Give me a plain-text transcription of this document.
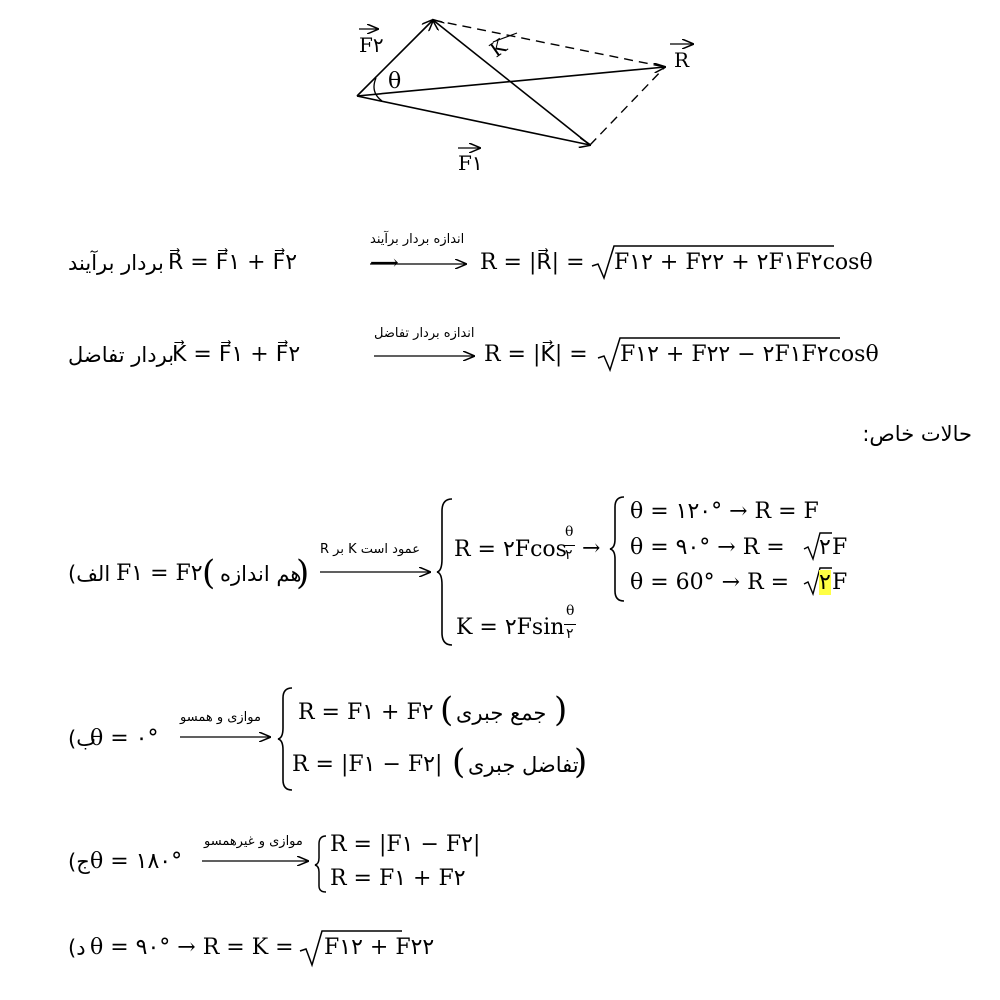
F۲
θ
F۱
R
K
بردار برآیند R⃗ = F⃗۱ + F⃗۲
اندازه بردار برآیند
⟶	R = |R⃗| = F۱۲ + F۲۲ + ۲F۱F۲cosθ
بردار تفاضل
K⃗ = F⃗۱ + F⃗۲
اندازه بردار تفاضل
R = |K⃗| = F۱۲ + F۲۲ − ۲F۱F۲cosθ
حالات خاص:
الف) F۱ = F۲ ( هم اندازه
)
R بر K عمود است R = ۲Fcos
θ
۲ →
K = ۲Fsin
θ
۲
θ = ۱۲۰° → R = F
θ = ۹۰° → R = ۲ F
θ = 60° → R = ۲ F
ب)
θ = ۰°
موازی و همسو R = F۱ + F۲ ( جمع جبری )
R = |F۱ − F۲| ( تفاضل جبری
)
ج) θ = ۱۸۰°
موازی و غیرهمسو R = |F۱ − F۲|
R = F۱ + F۲
د) θ = ۹۰° → R = K = F۱۲ + F۲۲
